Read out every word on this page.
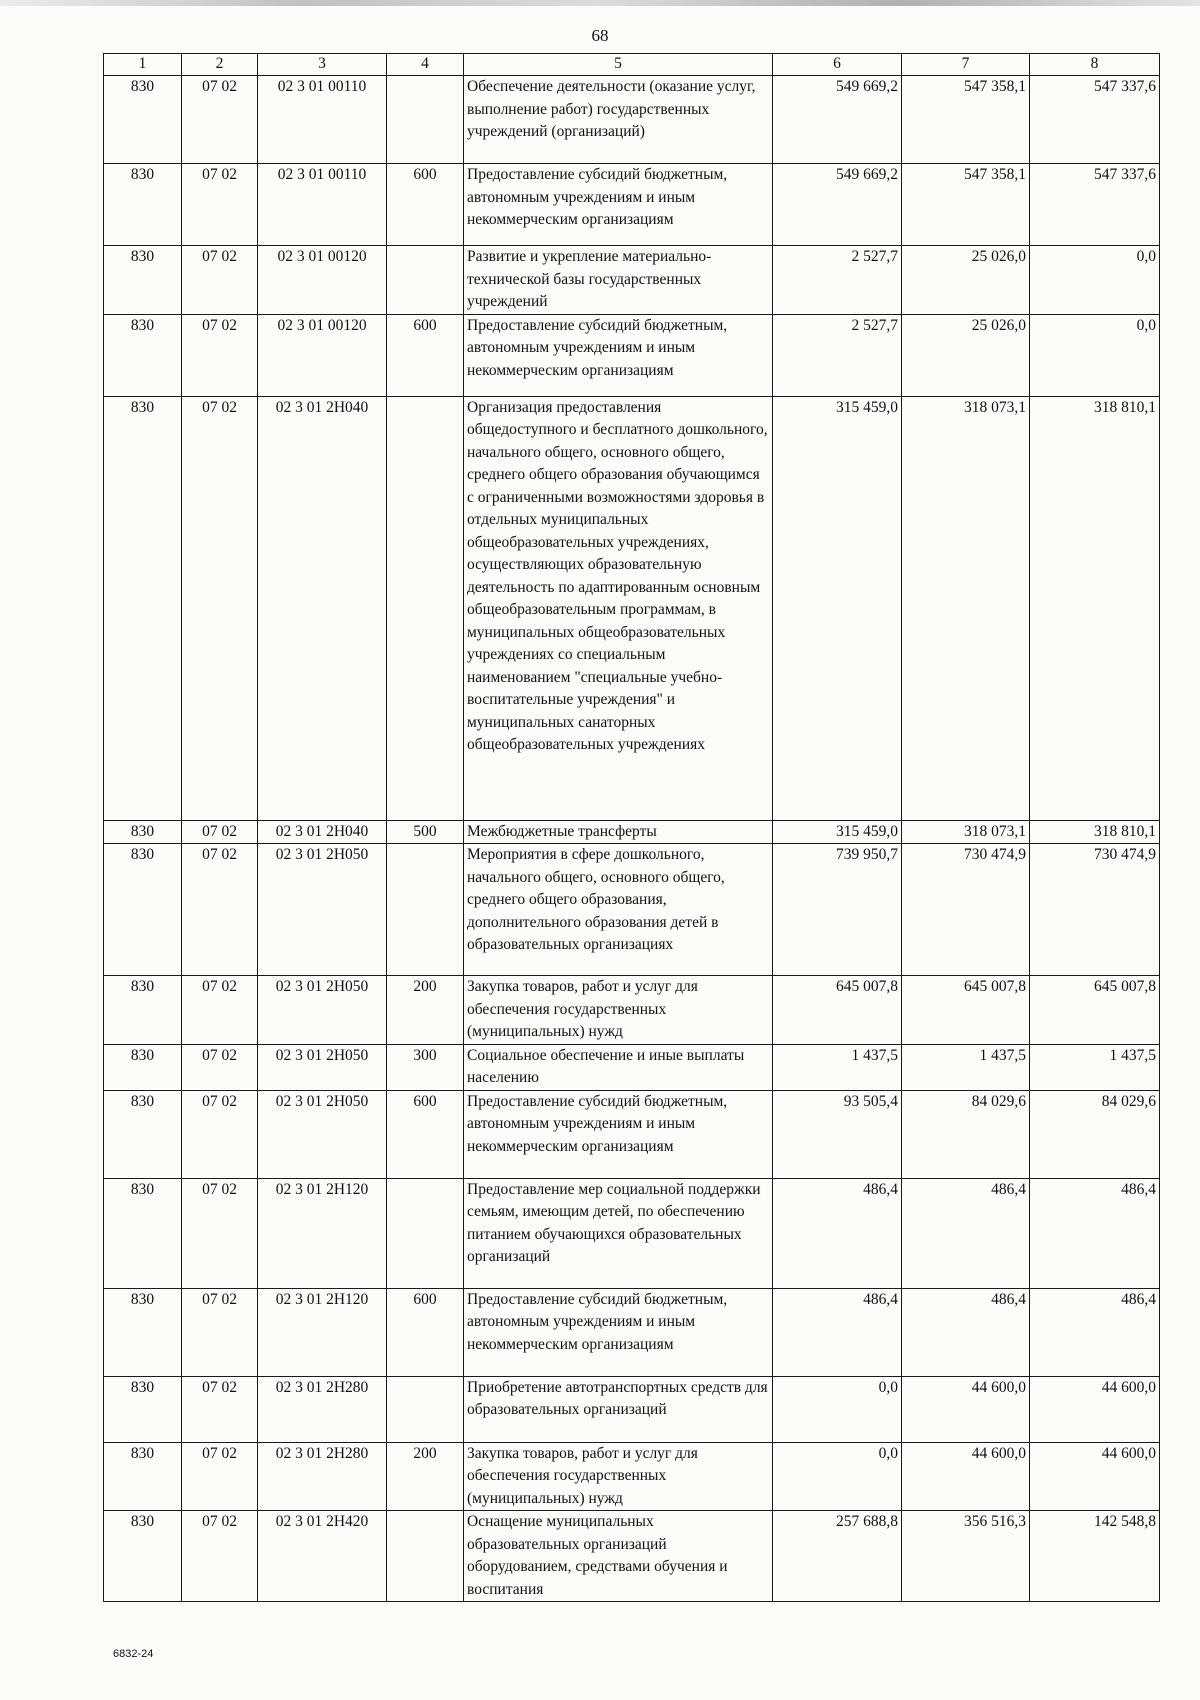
68
1	2	3	4	5	6	7	8
830	07 02	02 3 01 00110		Обеспечение деятельности (оказание услуг, выполнение работ) государственных учреждений (организаций)	549 669,2	547 358,1	547 337,6
830	07 02	02 3 01 00110	600	Предоставление субсидий бюджетным, автономным учреждениям и иным некоммерческим организациям	549 669,2	547 358,1	547 337,6
830	07 02	02 3 01 00120		Развитие и укрепление материально-технической базы государственных учреждений	2 527,7	25 026,0	0,0
830	07 02	02 3 01 00120	600	Предоставление субсидий бюджетным, автономным учреждениям и иным некоммерческим организациям	2 527,7	25 026,0	0,0
830	07 02	02 3 01 2Н040		Организация предоставления общедоступного и бесплатного дошкольного, начального общего, основного общего, среднего общего образования обучающимся с ограниченными возможностями здоровья в отдельных муниципальных общеобразовательных учреждениях, осуществляющих образовательную деятельность по адаптированным основным общеобразовательным программам, в муниципальных общеобразовательных учреждениях со специальным наименованием "специальные учебно-воспитательные учреждения" и муниципальных санаторных общеобразовательных учреждениях	315 459,0	318 073,1	318 810,1
830	07 02	02 3 01 2Н040	500	Межбюджетные трансферты	315 459,0	318 073,1	318 810,1
830	07 02	02 3 01 2Н050		Мероприятия в сфере дошкольного, начального общего, основного общего, среднего общего образования, дополнительного образования детей в образовательных организациях	739 950,7	730 474,9	730 474,9
830	07 02	02 3 01 2Н050	200	Закупка товаров, работ и услуг для обеспечения государственных (муниципальных) нужд	645 007,8	645 007,8	645 007,8
830	07 02	02 3 01 2Н050	300	Социальное обеспечение и иные выплаты населению	1 437,5	1 437,5	1 437,5
830	07 02	02 3 01 2Н050	600	Предоставление субсидий бюджетным, автономным учреждениям и иным некоммерческим организациям	93 505,4	84 029,6	84 029,6
830	07 02	02 3 01 2Н120		Предоставление мер социальной поддержки семьям, имеющим детей, по обеспечению питанием обучающихся образовательных организаций	486,4	486,4	486,4
830	07 02	02 3 01 2Н120	600	Предоставление субсидий бюджетным, автономным учреждениям и иным некоммерческим организациям	486,4	486,4	486,4
830	07 02	02 3 01 2Н280		Приобретение автотранспортных средств для образовательных организаций	0,0	44 600,0	44 600,0
830	07 02	02 3 01 2Н280	200	Закупка товаров, работ и услуг для обеспечения государственных (муниципальных) нужд	0,0	44 600,0	44 600,0
830	07 02	02 3 01 2Н420		Оснащение муниципальных образовательных организаций оборудованием, средствами обучения и воспитания	257 688,8	356 516,3	142 548,8
6832-24
